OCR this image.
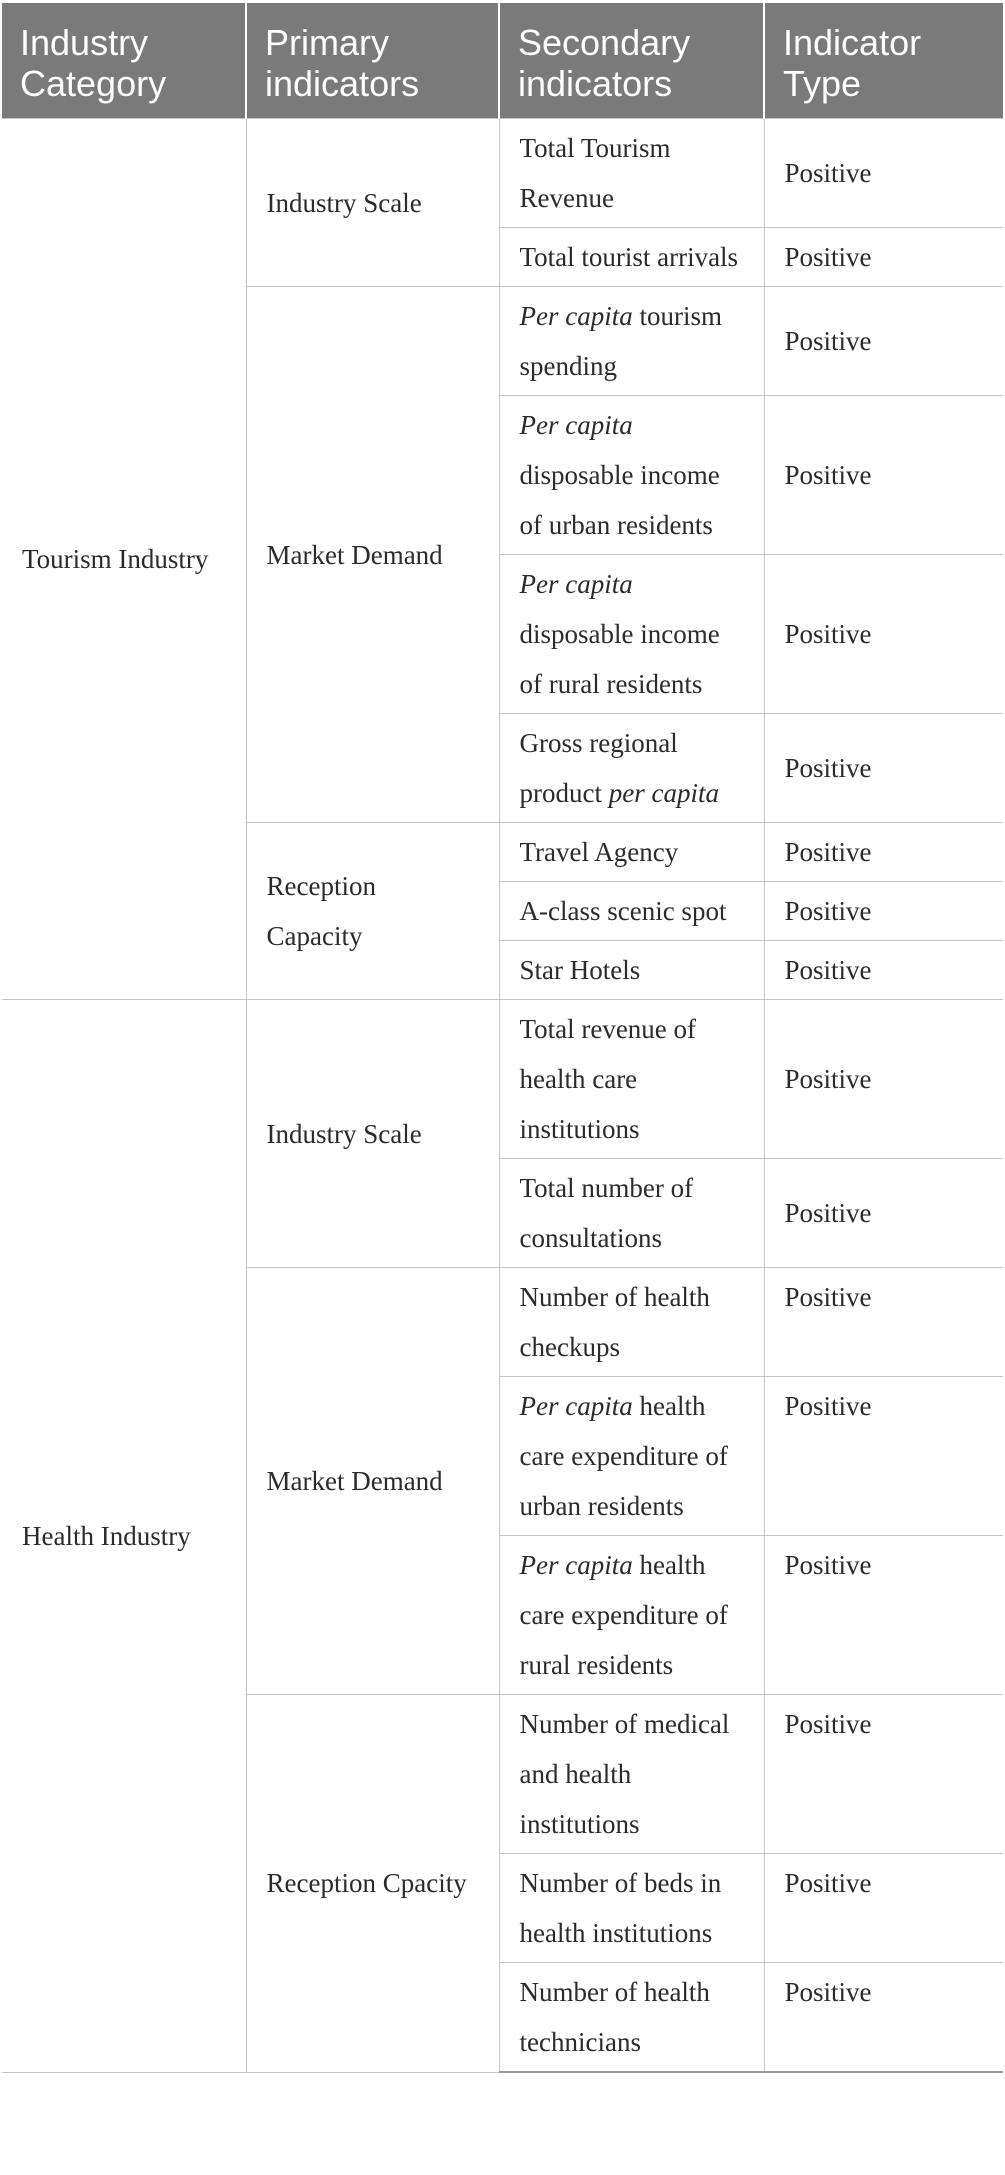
Industry Category	Primary indicators	Secondary indicators	Indicator Type
Tourism Industry	Industry Scale	Total Tourism Revenue	Positive
		Total tourist arrivals	Positive
	Market Demand	Per capita tourism spending	Positive
		Per capita disposable income of urban residents	Positive
		Per capita disposable income of rural residents	Positive
		Gross regional product per capita	Positive
	Reception Capacity	Travel Agency	Positive
		A-class scenic spot	Positive
		Star Hotels	Positive
Health Industry	Industry Scale	Total revenue of health care institutions	Positive
		Total number of consultations	Positive
	Market Demand	Number of health checkups	Positive
		Per capita health care expenditure of urban residents	Positive
		Per capita health care expenditure of rural residents	Positive
	Reception Cpacity	Number of medical and health institutions	Positive
		Number of beds in health institutions	Positive
		Number of health technicians	Positive
